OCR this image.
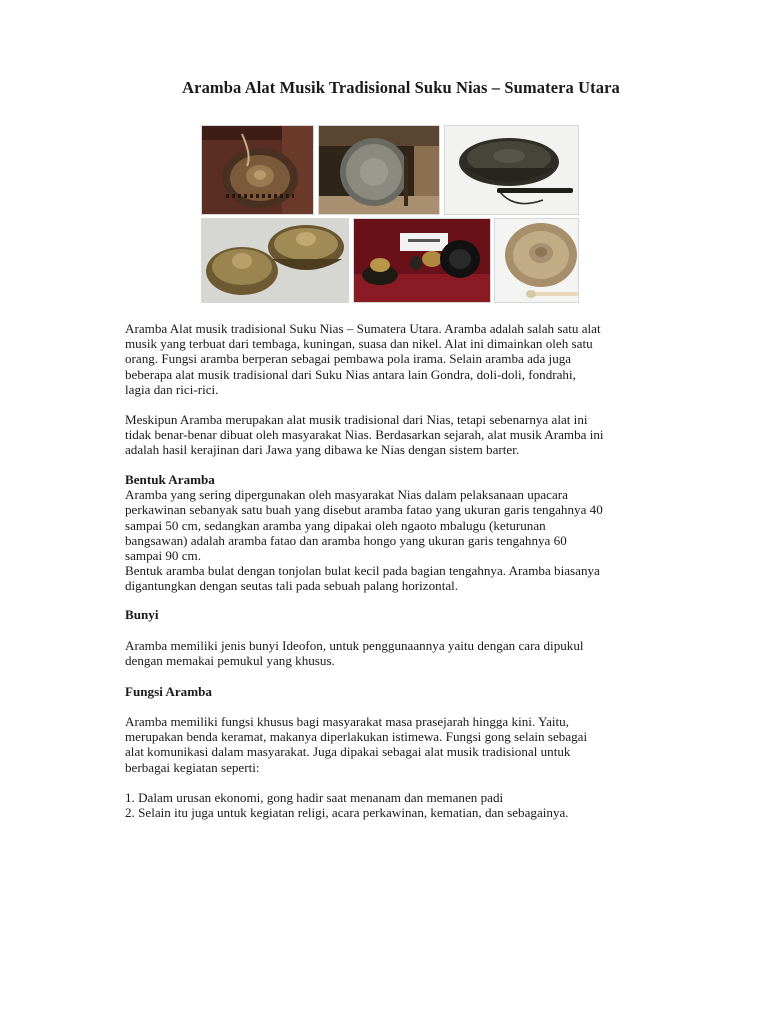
Aramba Alat Musik Tradisional Suku Nias – Sumatera Utara
Aramba Alat musik tradisional Suku Nias – Sumatera Utara. Aramba adalah salah satu alat
musik yang terbuat dari tembaga, kuningan, suasa dan nikel. Alat ini dimainkan oleh satu
orang. Fungsi aramba berperan sebagai pembawa pola irama. Selain aramba ada juga
beberapa alat musik tradisional dari Suku Nias antara lain Gondra, doli-doli, fondrahi,
lagia dan rici-rici.
Meskipun Aramba merupakan alat musik tradisional dari Nias, tetapi sebenarnya alat ini
tidak benar-benar dibuat oleh masyarakat Nias. Berdasarkan sejarah, alat musik Aramba ini
adalah hasil kerajinan dari Jawa yang dibawa ke Nias dengan sistem barter.
Bentuk Aramba
Aramba yang sering dipergunakan oleh masyarakat Nias dalam pelaksanaan upacara
perkawinan sebanyak satu buah yang disebut aramba fatao yang ukuran garis tengahnya 40
sampai 50 cm, sedangkan aramba yang dipakai oleh ngaoto mbalugu (keturunan
bangsawan) adalah aramba fatao dan aramba hongo yang ukuran garis tengahnya 60
sampai 90 cm.
Bentuk aramba bulat dengan tonjolan bulat kecil pada bagian tengahnya. Aramba biasanya
digantungkan dengan seutas tali pada sebuah palang horizontal.
Bunyi
Aramba memiliki jenis bunyi Ideofon, untuk penggunaannya yaitu dengan cara dipukul
dengan memakai pemukul yang khusus.
Fungsi Aramba
Aramba memiliki fungsi khusus bagi masyarakat masa prasejarah hingga kini. Yaitu,
merupakan benda keramat, makanya diperlakukan istimewa. Fungsi gong selain sebagai
alat komunikasi dalam masyarakat. Juga dipakai sebagai alat musik tradisional untuk
berbagai kegiatan seperti:
1. Dalam urusan ekonomi, gong hadir saat menanam dan memanen padi
2. Selain itu juga untuk kegiatan religi, acara perkawinan, kematian, dan sebagainya.
